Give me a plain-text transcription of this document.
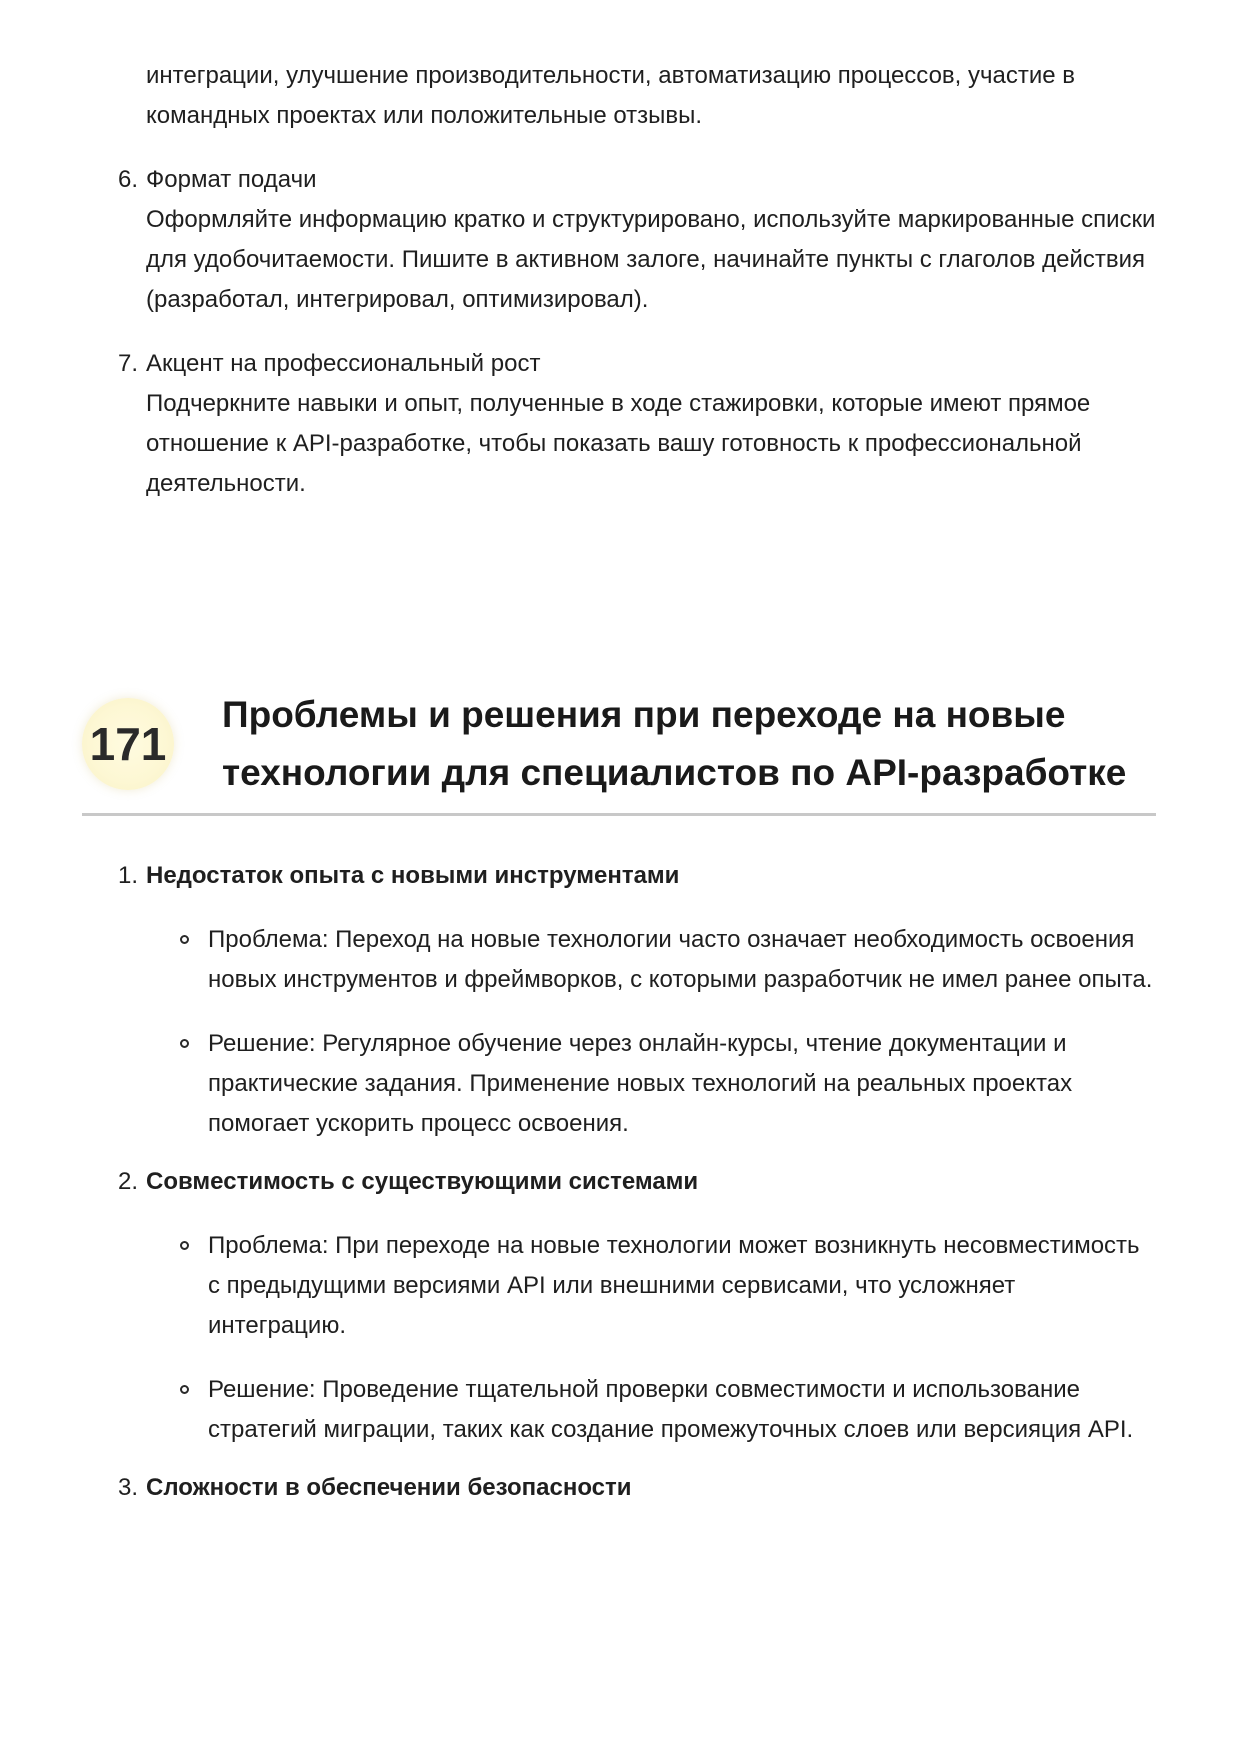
интеграции, улучшение производительности, автоматизацию процессов, участие в командных проектах или положительные отзывы.
6. Формат подачи
Оформляйте информацию кратко и структурировано, используйте маркированные списки для удобочитаемости. Пишите в активном залоге, начинайте пункты с глаголов действия (разработал, интегрировал, оптимизировал).
7. Акцент на профессиональный рост
Подчеркните навыки и опыт, полученные в ходе стажировки, которые имеют прямое отношение к API-разработке, чтобы показать вашу готовность к профессиональной деятельности.
171
Проблемы и решения при переходе на новые технологии для специалистов по API-разработке
1. Недостаток опыта с новыми инструментами
Проблема: Переход на новые технологии часто означает необходимость освоения новых инструментов и фреймворков, с которыми разработчик не имел ранее опыта.
Решение: Регулярное обучение через онлайн-курсы, чтение документации и практические задания. Применение новых технологий на реальных проектах помогает ускорить процесс освоения.
2. Совместимость с существующими системами
Проблема: При переходе на новые технологии может возникнуть несовместимость с предыдущими версиями API или внешними сервисами, что усложняет интеграцию.
Решение: Проведение тщательной проверки совместимости и использование стратегий миграции, таких как создание промежуточных слоев или версияция API.
3. Сложности в обеспечении безопасности
